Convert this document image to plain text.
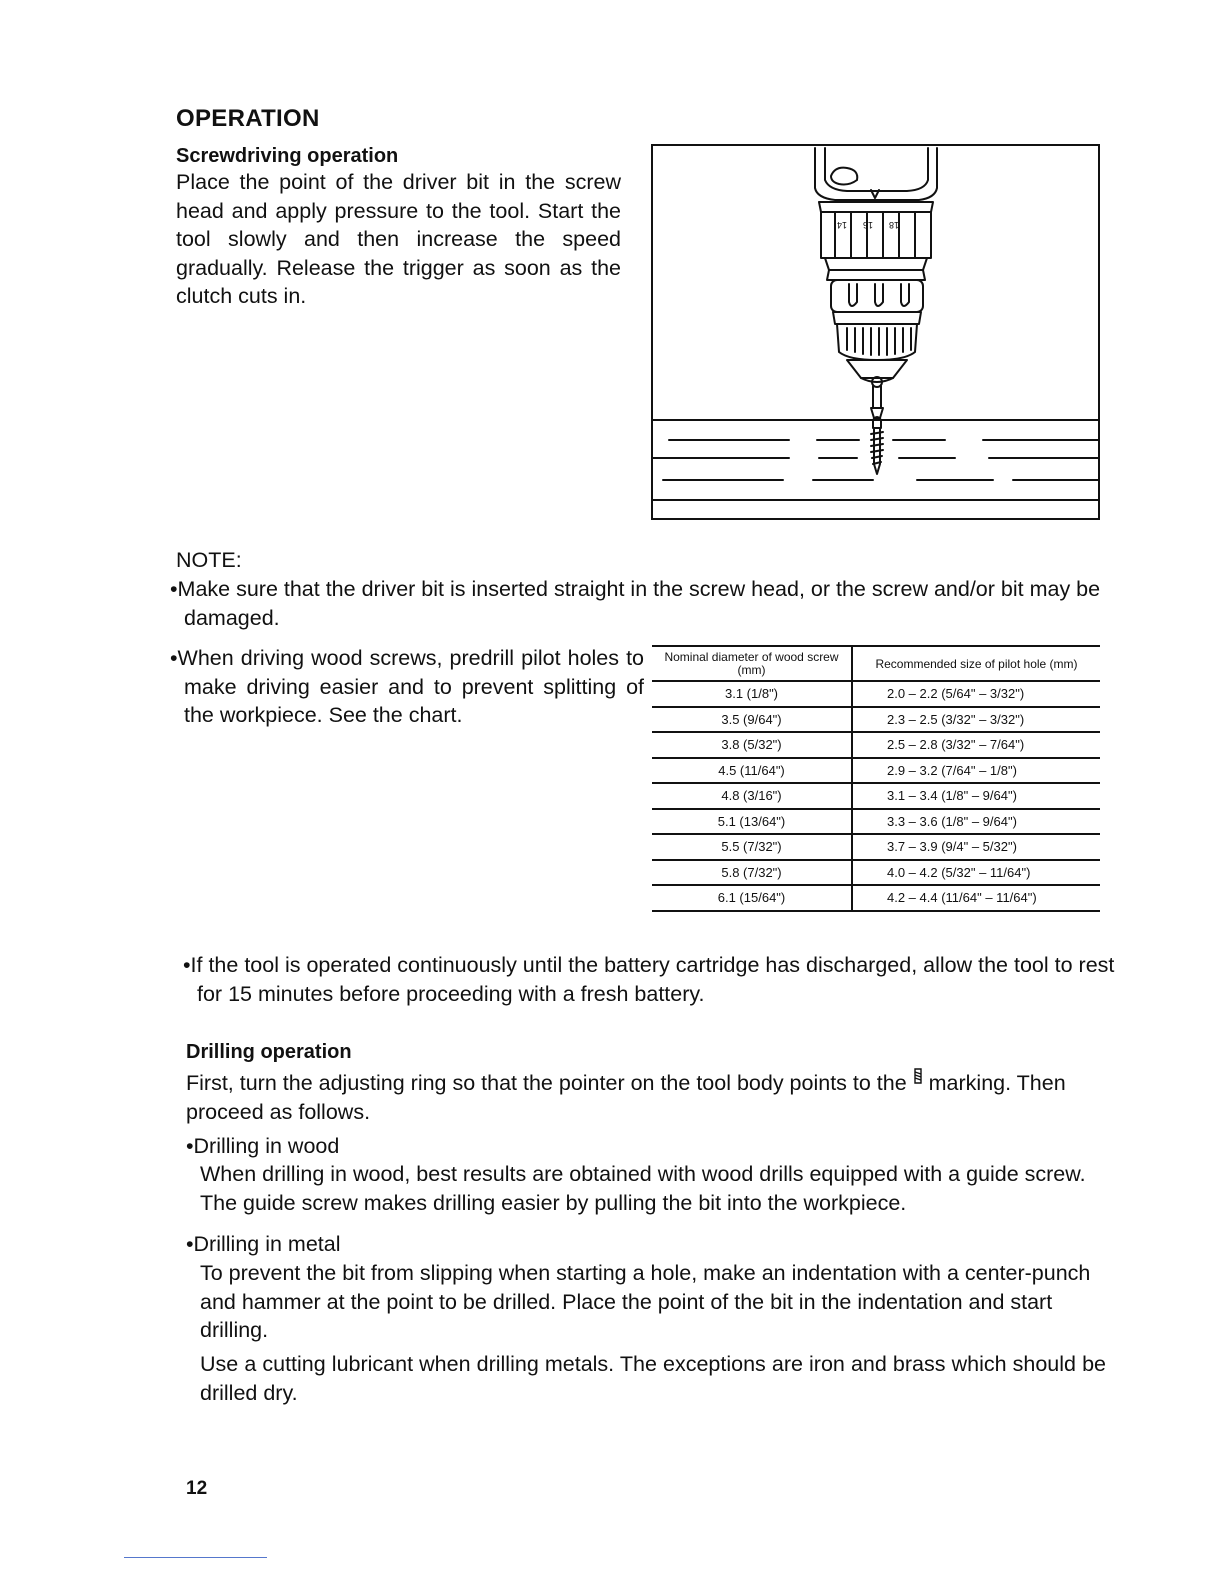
OPERATION
Screwdriving operation
Place the point of the driver bit in the screw head and apply pressure to the tool. Start the tool slowly and then increase the speed gradually. Release the trigger as soon as the clutch cuts in.
14 16 18
NOTE:
•Make sure that the driver bit is inserted straight in the screw head, or the screw and/or bit may be damaged.
•When driving wood screws, predrill pilot holes to make driving easier and to prevent splitting of the workpiece. See the chart.
Nominal diameter of wood screw (mm)	Recommended size of pilot hole (mm)
3.1 (1/8")	2.0 – 2.2 (5/64" – 3/32")
3.5 (9/64")	2.3 – 2.5 (3/32" – 3/32")
3.8 (5/32")	2.5 – 2.8 (3/32" – 7/64")
4.5 (11/64")	2.9 – 3.2 (7/64" – 1/8")
4.8 (3/16")	3.1 – 3.4 (1/8" – 9/64")
5.1 (13/64")	3.3 – 3.6 (1/8" – 9/64")
5.5 (7/32")	3.7 – 3.9 (9/4" – 5/32")
5.8 (7/32")	4.0 – 4.2 (5/32" – 11/64")
6.1 (15/64")	4.2 – 4.4 (11/64" – 11/64")
•If the tool is operated continuously until the battery cartridge has discharged, allow the tool to rest for 15 minutes before proceeding with a fresh battery.
Drilling operation
First, turn the adjusting ring so that the pointer on the tool body points to the  marking. Then proceed as follows.
•Drilling in wood
When drilling in wood, best results are obtained with wood drills equipped with a guide screw. The guide screw makes drilling easier by pulling the bit into the workpiece.
•Drilling in metal
To prevent the bit from slipping when starting a hole, make an indentation with a center-punch and hammer at the point to be drilled. Place the point of the bit in the indentation and start drilling.
Use a cutting lubricant when drilling metals. The exceptions are iron and brass which should be drilled dry.
12
